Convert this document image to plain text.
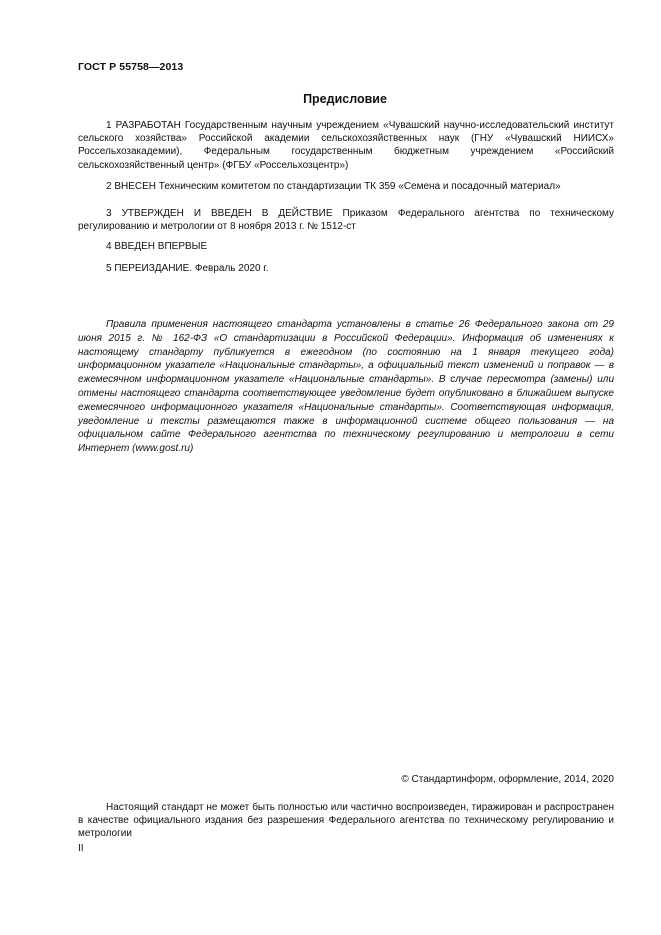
ГОСТ Р 55758—2013
Предисловие

1 РАЗРАБОТАН Государственным научным учреждением «Чувашский научно-исследовательский институт сельского хозяйства» Российской академии сельскохозяйственных наук (ГНУ «Чувашский НИИСХ» Россельхозакадемии), Федеральным государственным бюджетным учреждением «Российский сельскохозяйственный центр» (ФГБУ «Россельхозцентр»)

2 ВНЕСЕН Техническим комитетом по стандартизации ТК 359 «Семена и посадочный материал»

3 УТВЕРЖДЕН И ВВЕДЕН В ДЕЙСТВИЕ Приказом Федерального агентства по техническому регулированию и метрологии от 8 ноября 2013 г. № 1512-ст

4 ВВЕДЕН ВПЕРВЫЕ

5 ПЕРЕИЗДАНИЕ. Февраль 2020 г.

Правила применения настоящего стандарта установлены в статье 26 Федерального закона от 29 июня 2015 г. № 162-ФЗ «О стандартизации в Российской Федерации». Информация об изменениях к настоящему стандарту публикуется в ежегодном (по состоянию на 1 января текущего года) информационном указателе «Национальные стандарты», а официальный текст изменений и поправок — в ежемесячном информационном указателе «Национальные стандарты». В случае пересмотра (замены) или отмены настоящего стандарта соответствующее уведомление будет опубликовано в ближайшем выпуске ежемесячного информационного указателя «Национальные стандарты». Соответствующая информация, уведомление и тексты размещаются также в информационной системе общего пользования — на официальном сайте Федерального агентства по техническому регулированию и метрологии в сети Интернет (www.gost.ru)

© Стандартинформ, оформление, 2014, 2020

Настоящий стандарт не может быть полностью или частично воспроизведен, тиражирован и распространен в качестве официального издания без разрешения Федерального агентства по техническому регулированию и метрологии

II
